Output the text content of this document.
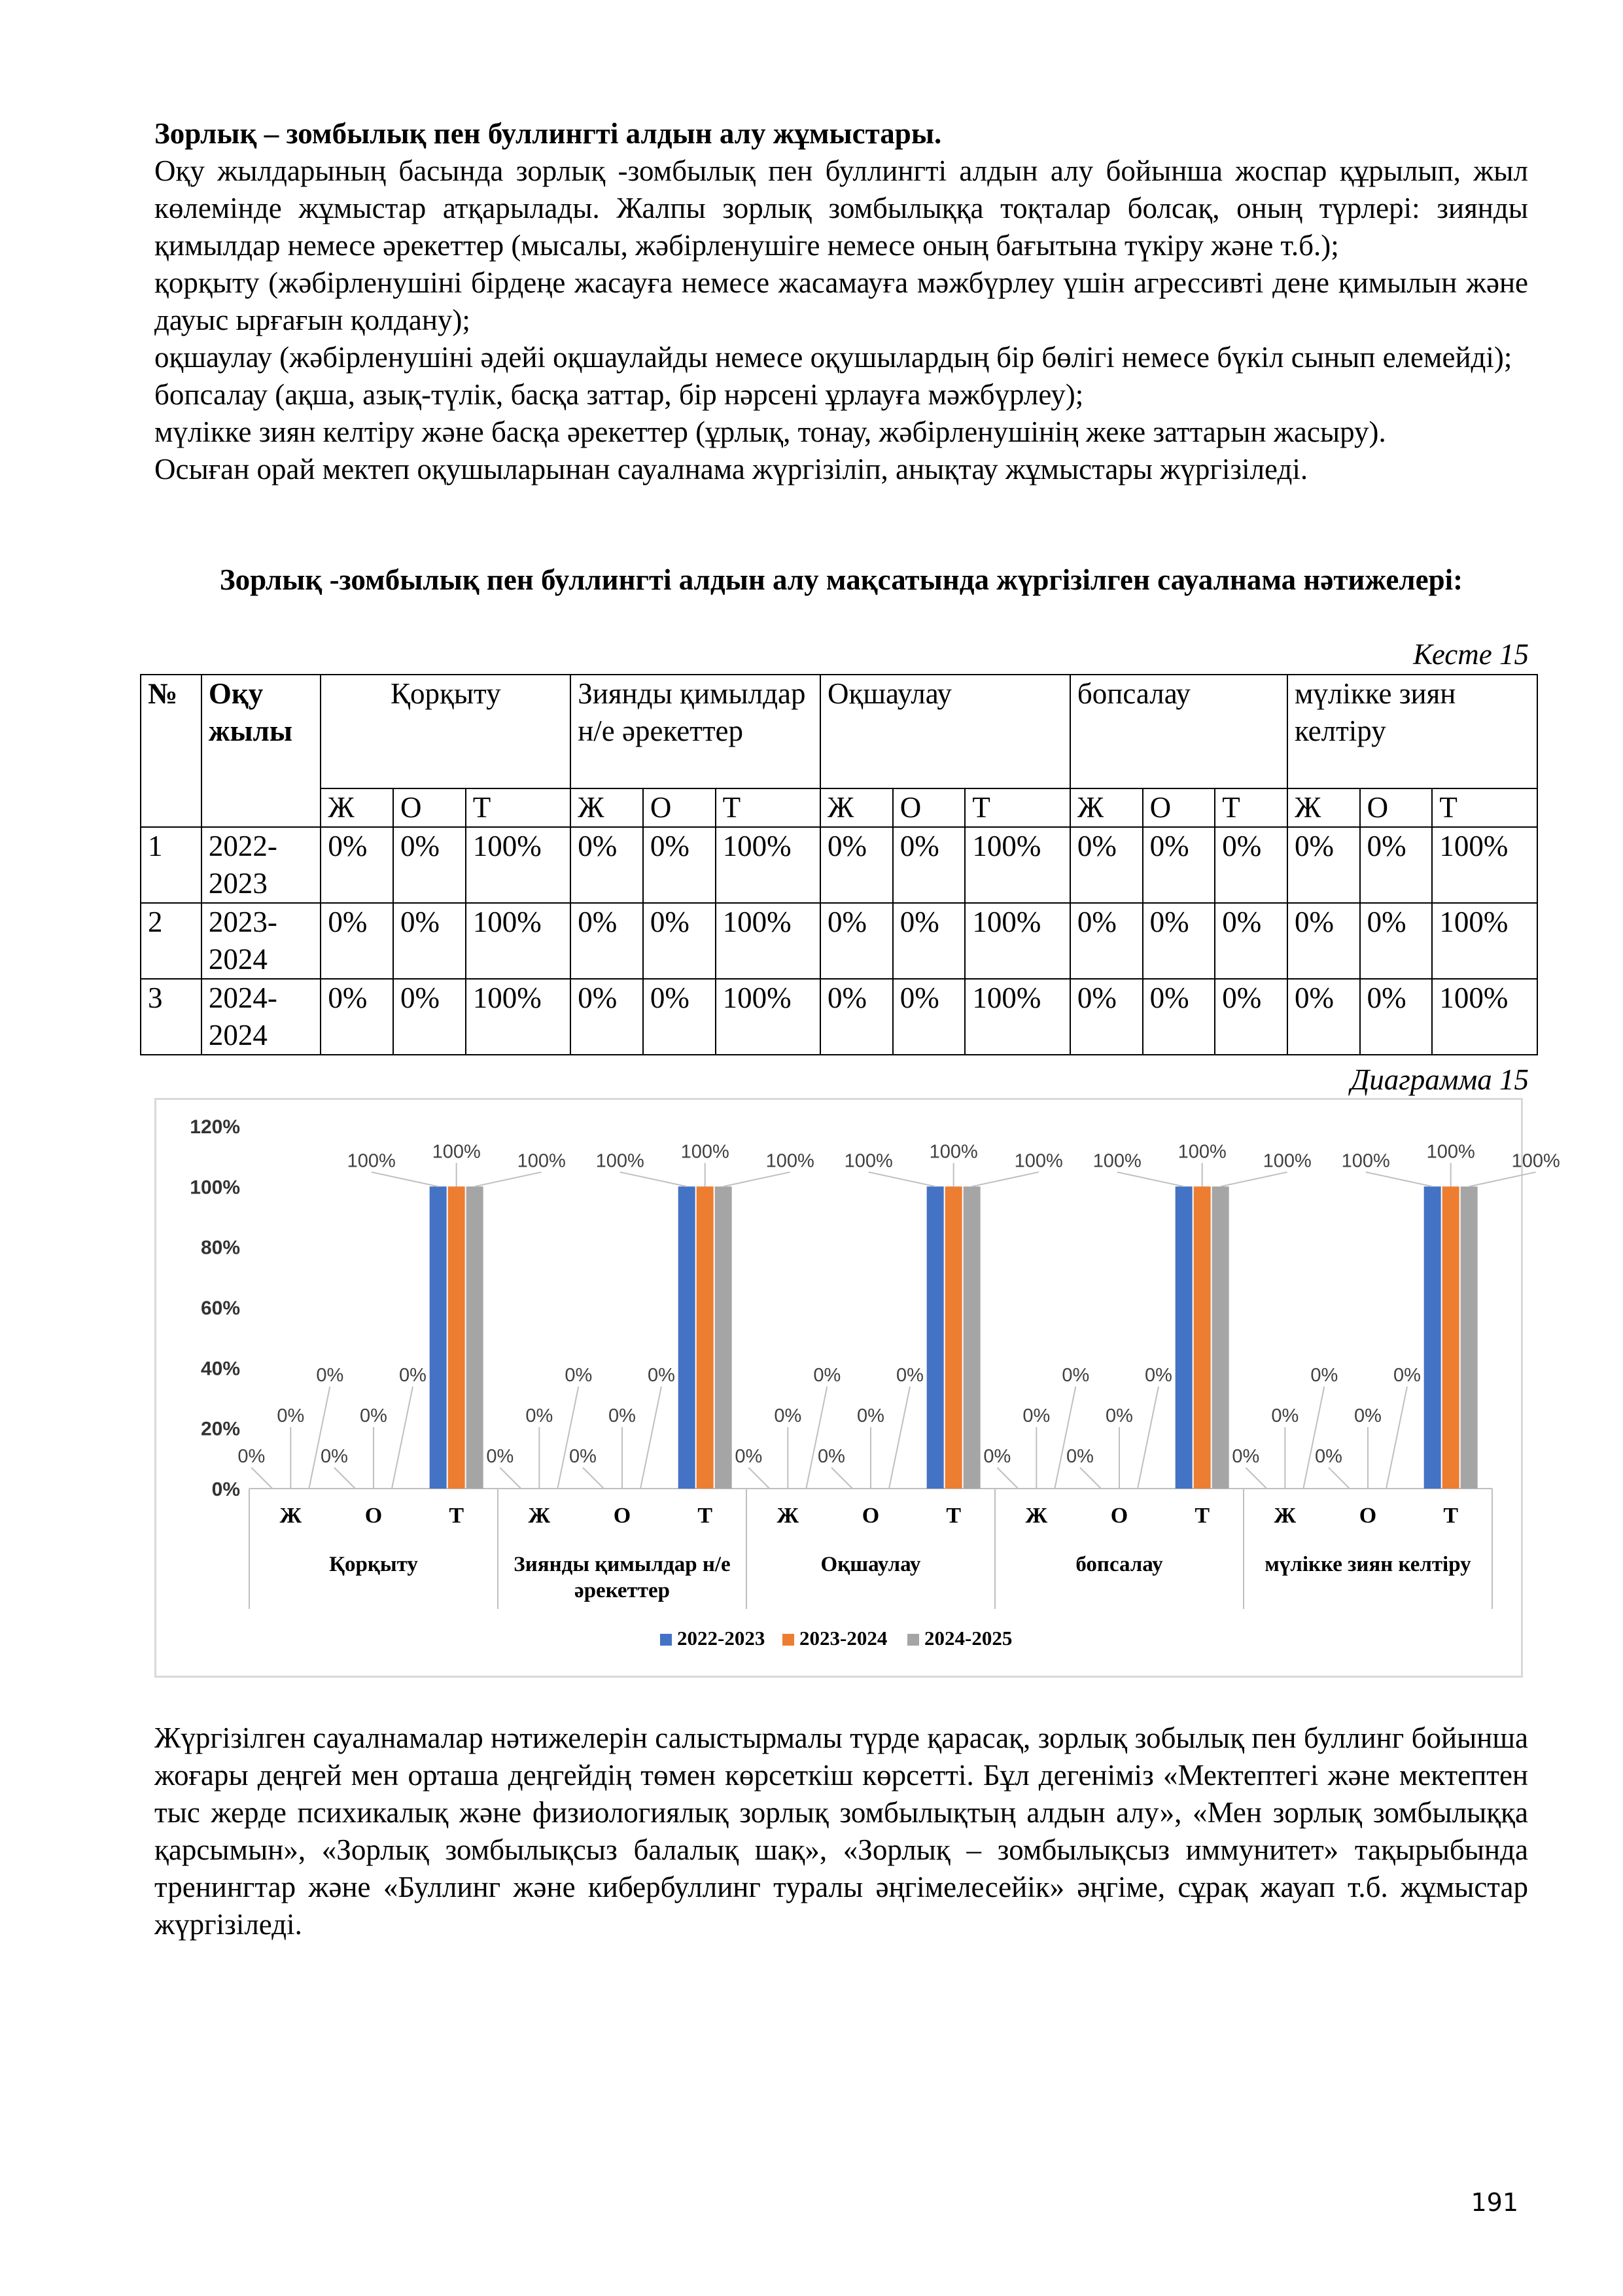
Зорлық – зомбылық пен буллингті алдын алу жұмыстары.

Оқу жылдарының басында зорлық -зомбылық пен буллингті алдын алу бойынша жоспар құрылып, жыл көлемінде жұмыстар атқарылады. Жалпы зорлық зомбылыққа тоқталар болсақ, оның түрлері: зиянды қимылдар немесе әрекеттер (мысалы, жәбірленушіге немесе оның бағытына түкіру және т.б.);

қорқыту (жәбірленушіні бірдеңе жасауға немесе жасамауға мәжбүрлеу үшін агрессивті дене қимылын және дауыс ырғағын қолдану);

оқшаулау (жәбірленушіні әдейі оқшаулайды немесе оқушылардың бір бөлігі немесе бүкіл сынып елемейді);

бопсалау (ақша, азық-түлік, басқа заттар, бір нәрсені ұрлауға мәжбүрлеу);

мүлікке зиян келтіру және басқа әрекеттер (ұрлық, тонау, жәбірленушінің жеке заттарын жасыру).

Осыған орай мектеп оқушыларынан сауалнама жүргізіліп, анықтау жұмыстары жүргізіледі.

Зорлық -зомбылық пен буллингті алдын алу мақсатында жүргізілген сауалнама нәтижелері:
Кесте 15
№	Оқу жылы	Қорқыту			Зиянды қимылдар н/е әрекеттер			Оқшаулау			бопсалау			мүлікке зиян келтіру		
		Ж	О	Т	Ж	О	Т	Ж	О	Т	Ж	О	Т	Ж	О	Т
1	2022-2023	0%	0%	100%	0%	0%	100%	0%	0%	100%	0%	0%	0%	0%	0%	100%
2	2023-2024	0%	0%	100%	0%	0%	100%	0%	0%	100%	0%	0%	0%	0%	0%	100%
3	2024-2024	0%	0%	100%	0%	0%	100%	0%	0%	100%	0%	0%	0%	0%	0%	100%
Диаграмма 15
0%
20%
40%
60%
80%
100%
120%
0%
0%
0%
Ж
0%
0%
0%
О
100% 100% 100%
Т
Қорқыту
0%
0%
0%
Ж
0%
0%
0%
О
100% 100% 100%
Т
Зиянды қимылдар н/е әрекеттер
0%
0%
0%
Ж
0%
0%
0%
О
100% 100% 100%
Т
Оқшаулау
0%
0%
0%
Ж
0%
0%
0%
О
100% 100% 100%
Т
бопсалау
0%
0%
0%
Ж
0%
0%
0%
О
100% 100% 100%
Т
мүлікке зиян келтіру
2022-2023 2023-2024 2024-2025
Жүргізілген сауалнамалар нәтижелерін салыстырмалы түрде қарасақ, зорлық зобылық пен буллинг бойынша жоғары деңгей мен орташа деңгейдің төмен көрсеткіш көрсетті. Бұл дегеніміз «Мектептегі және мектептен тыс жерде психикалық және физиологиялық зорлық зомбылықтың алдын алу», «Мен зорлық зомбылыққа қарсымын», «Зорлық зомбылықсыз балалық шақ», «Зорлық – зомбылықсыз иммунитет» тақырыбында тренингтар және «Буллинг және кибербуллинг туралы әңгімелесейік» әңгіме, сұрақ жауап т.б. жұмыстар жүргізіледі.
191
